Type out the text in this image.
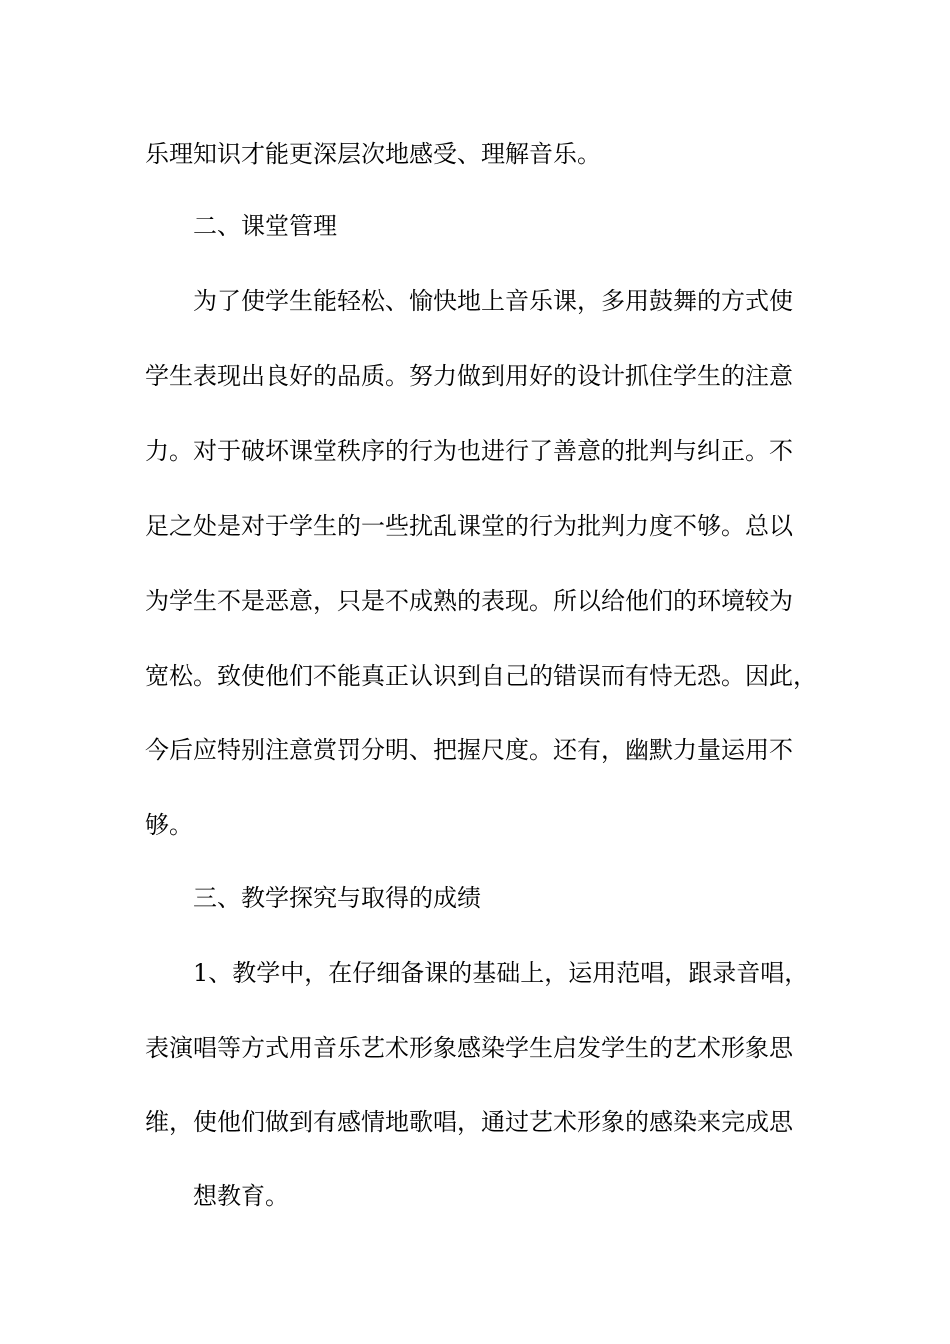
乐理知识才能更深层次地感受、理解音乐。
二、课堂管理
为了使学生能轻松、愉快地上音乐课，多用鼓舞的方式使
学生表现出良好的品质。努力做到用好的设计抓住学生的注意
力。对于破坏课堂秩序的行为也进行了善意的批判与纠正。不
足之处是对于学生的一些扰乱课堂的行为批判力度不够。总以
为学生不是恶意，只是不成熟的表现。所以给他们的环境较为
宽松。致使他们不能真正认识到自己的错误而有恃无恐。因此，
今后应特别注意赏罚分明、把握尺度。还有，幽默力量运用不
够。
三、教学探究与取得的成绩
1、教学中，在仔细备课的基础上，运用范唱，跟录音唱，
表演唱等方式用音乐艺术形象感染学生启发学生的艺术形象思
维，使他们做到有感情地歌唱，通过艺术形象的感染来完成思
想教育。
